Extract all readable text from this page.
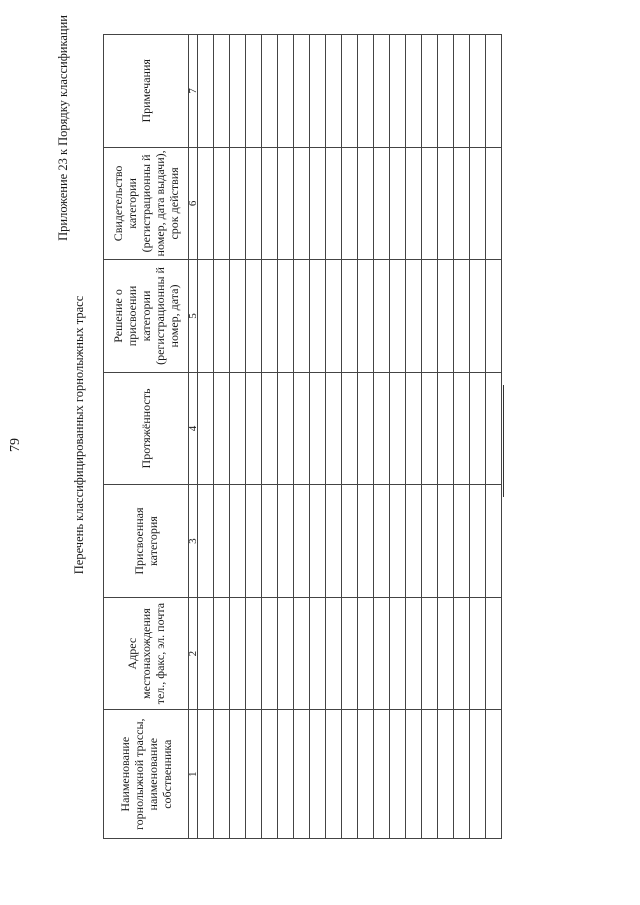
79
Приложение 23 к Порядку классификации
Перечень классифицированных горнолыжных трасс
Наименование горнолыжной трассы, наименование собственника	Адрес местонахождения тел., факс, эл. почта	Присвоенная категория	Протяжённость	Решение о присвоении категории (регистрационны й номер, дата)	Свидетельство категории (регистрационны й номер, дата выдачи), срок действия	Примечания
1	2	3	4	5	6	7
